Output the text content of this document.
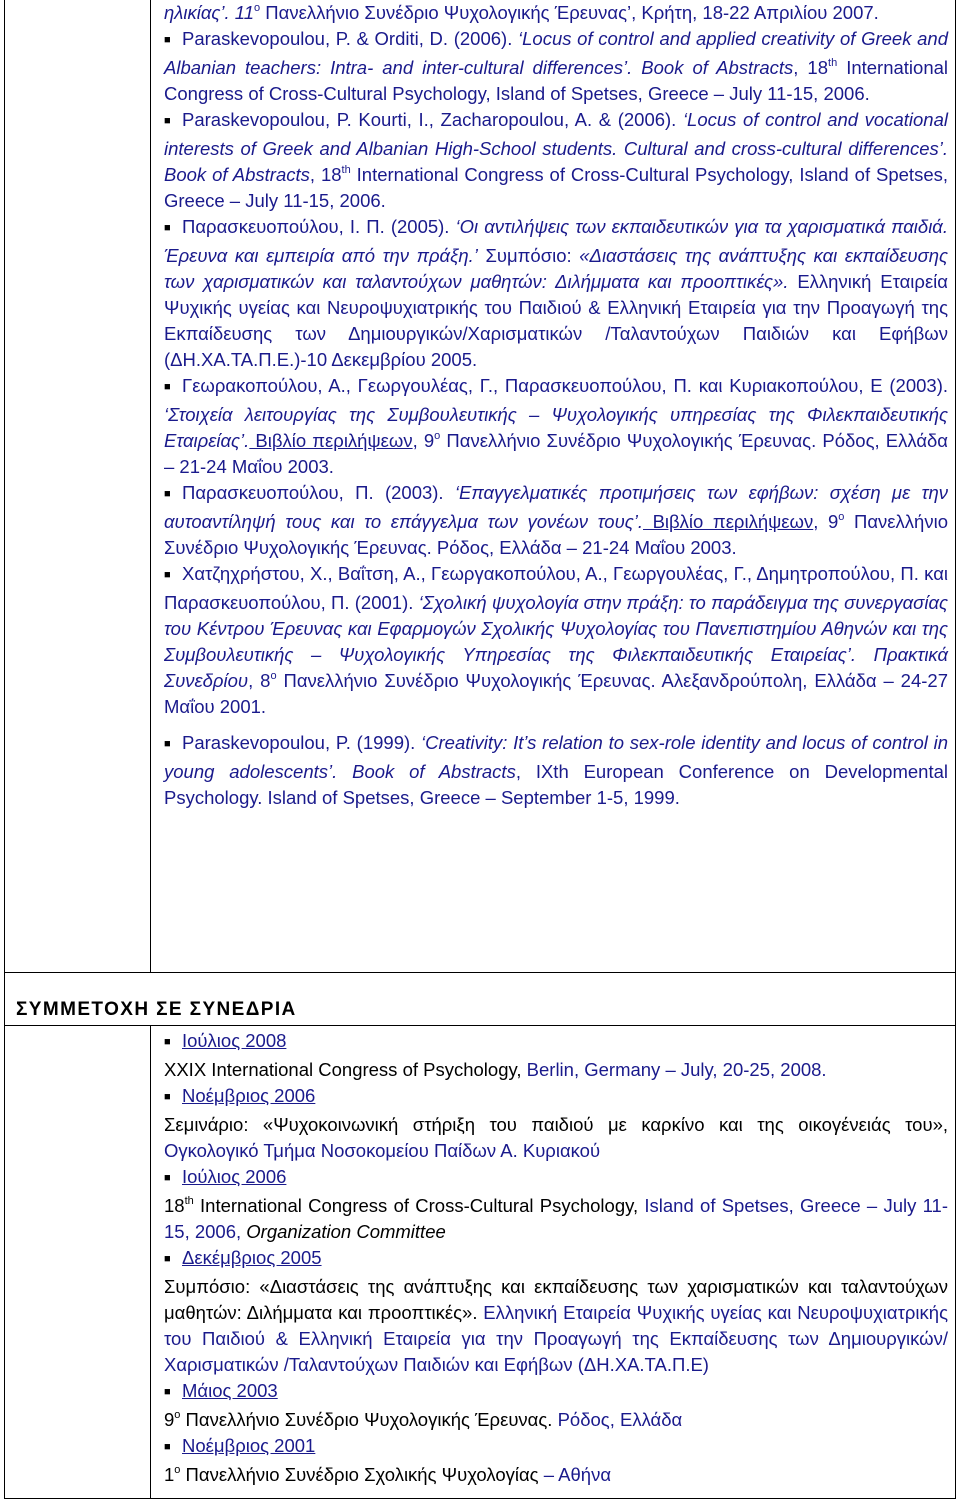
ηλικίας’. $11^o$ Πανελλήνιο Συνέδριο Ψυχολογικής Έρευνας’, Κρήτη, 18-22 Απριλίου 2007.
■ Paraskevopoulou, P. & Orditi, D. (2006). ‘Locus of control and applied creativity of Greek and Albanian teachers: Intra- and inter-cultural differences’. Book of Abstracts, 18th International Congress of Cross-Cultural Psychology, Island of Spetses, Greece – July 11-15, 2006.
■ Paraskevopoulou, P. Kourti, I., Zacharopoulou, A. & (2006). ‘Locus of control and vocational interests of Greek and Albanian High-School students. Cultural and cross-cultural differences’. Book of Abstracts, 18th International Congress of Cross-Cultural Psychology, Island of Spetses, Greece – July 11-15, 2006.
■ Παρασκευοπούλου, Ι. Π. (2005). ‘Οι αντιλήψεις των εκπαιδευτικών για τα χαρισματικά παιδιά. Έρευνα και εμπειρία από την πράξη.’ Συμπόσιο: «Διαστάσεις της ανάπτυξης και εκπαίδευσης των χαρισματικών και ταλαντούχων μαθητών: Διλήμματα και προοπτικές». Ελληνική Εταιρεία Ψυχικής υγείας και Νευροψυχιατρικής του Παιδιού & Ελληνική Εταιρεία για την Προαγωγή της Εκπαίδευσης των Δημιουργικών/Χαρισματικών /Ταλαντούχων Παιδιών και Εφήβων (ΔΗ.ΧΑ.ΤΑ.Π.Ε.)-10 Δεκεμβρίου 2005.
■ Γεωρακοπούλου, Α., Γεωργουλέας, Γ., Παρασκευοπούλου, Π. και Κυριακοπούλου, Ε (2003). ‘Στοιχεία λειτουργίας της Συμβουλευτικής – Ψυχολογικής υπηρεσίας της Φιλεκπαιδευτικής Εταιρείας’. Βιβλίο περιλήψεων, $9^o$ Πανελλήνιο Συνέδριο Ψυχολογικής Έρευνας. Ρόδος, Ελλάδα – 21-24 Μαΐου 2003.
■ Παρασκευοπούλου, Π. (2003). ‘Επαγγελματικές προτιμήσεις των εφήβων: σχέση με την αυτοαντίληψή τους και το επάγγελμα των γονέων τους’. Βιβλίο περιλήψεων, $9^o$ Πανελλήνιο Συνέδριο Ψυχολογικής Έρευνας. Ρόδος, Ελλάδα – 21-24 Μαΐου 2003.
■ Χατζηχρήστου, Χ., Βαΐτση, Α., Γεωργακοπούλου, Α., Γεωργουλέας, Γ., Δημητροπούλου, Π. και Παρασκευοπούλου, Π. (2001). ‘Σχολική ψυχολογία στην πράξη: το παράδειγμα της συνεργασίας του Κέντρου Έρευνας και Εφαρμογών Σχολικής Ψυχολογίας του Πανεπιστημίου Αθηνών και της Συμβουλευτικής – Ψυχολογικής Υπηρεσίας της Φιλεκπαιδευτικής Εταιρείας’. Πρακτικά Συνεδρίου, $8^o$ Πανελλήνιο Συνέδριο Ψυχολογικής Έρευνας. Αλεξανδρούπολη, Ελλάδα – 24-27 Μαΐου 2001.
■ Paraskevopoulou, P. (1999). ‘Creativity: It’s relation to sex-role identity and locus of control in young adolescents’. Book of Abstracts, IXth European Conference on Developmental Psychology. Island of Spetses, Greece – September 1-5, 1999.
ΣΥΜΜΕΤΟΧΗ ΣΕ ΣΥΝΕΔΡΙΑ
■ Ιούλιος 2008
XXIX International Congress of Psychology, Berlin, Germany – July, 20-25, 2008.
■ Νοέμβριος 2006
Σεμινάριο: «Ψυχοκοινωνική στήριξη του παιδιού με καρκίνο και της οικογένειάς του», Ογκολογικό Τμήμα Νοσοκομείου Παίδων Α. Κυριακού
■ Ιούλιος 2006
18th International Congress of Cross-Cultural Psychology, Island of Spetses, Greece – July 11-15, 2006, Organization Committee
■ Δεκέμβριος 2005
Συμπόσιο: «Διαστάσεις της ανάπτυξης και εκπαίδευσης των χαρισματικών και ταλαντούχων μαθητών: Διλήμματα και προοπτικές». Ελληνική Εταιρεία Ψυχικής υγείας και Νευροψυχιατρικής του Παιδιού & Ελληνική Εταιρεία για την Προαγωγή της Εκπαίδευσης των Δημιουργικών/Χαρισματικών /Ταλαντούχων Παιδιών και Εφήβων (ΔΗ.ΧΑ.ΤΑ.Π.Ε)
■ Μάιος 2003
$9^o$ Πανελλήνιο Συνέδριο Ψυχολογικής Έρευνας. Ρόδος, Ελλάδα
■ Νοέμβριος 2001
$1^o$ Πανελλήνιο Συνέδριο Σχολικής Ψυχολογίας – Αθήνα
